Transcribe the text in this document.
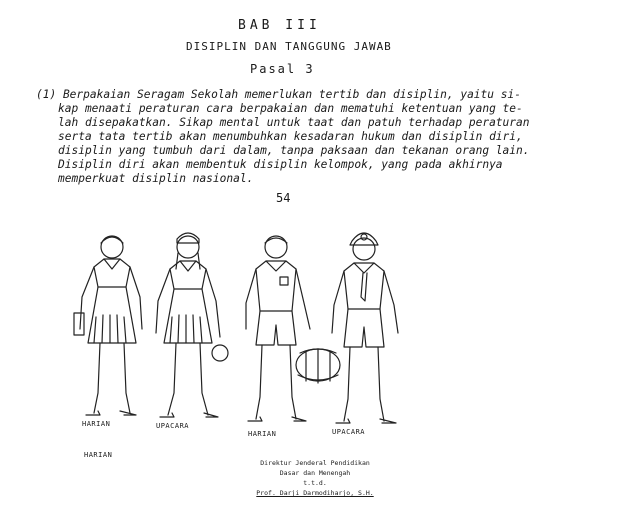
BAB III
DISIPLIN DAN TANGGUNG JAWAB
Pasal 3
(1) Berpakaian Seragam Sekolah memerlukan tertib dan disiplin, yaitu si-
kap menaati peraturan cara berpakaian dan mematuhi ketentuan yang te-
lah disepakatkan. Sikap mental untuk taat dan patuh terhadap peraturan
serta tata tertib akan menumbuhkan kesadaran hukum dan disiplin diri,
disiplin yang tumbuh dari dalam, tanpa paksaan dan tekanan orang lain.
Disiplin diri akan membentuk disiplin kelompok, yang pada akhirnya
memperkuat disiplin nasional.
54
HARIAN	UPACARA
HARIAN	UPACARA
HARIAN
Direktur Jenderal Pendidikan
Dasar dan Menengah
t.t.d.
Prof. Darji Darmodiharjo, S.H.
